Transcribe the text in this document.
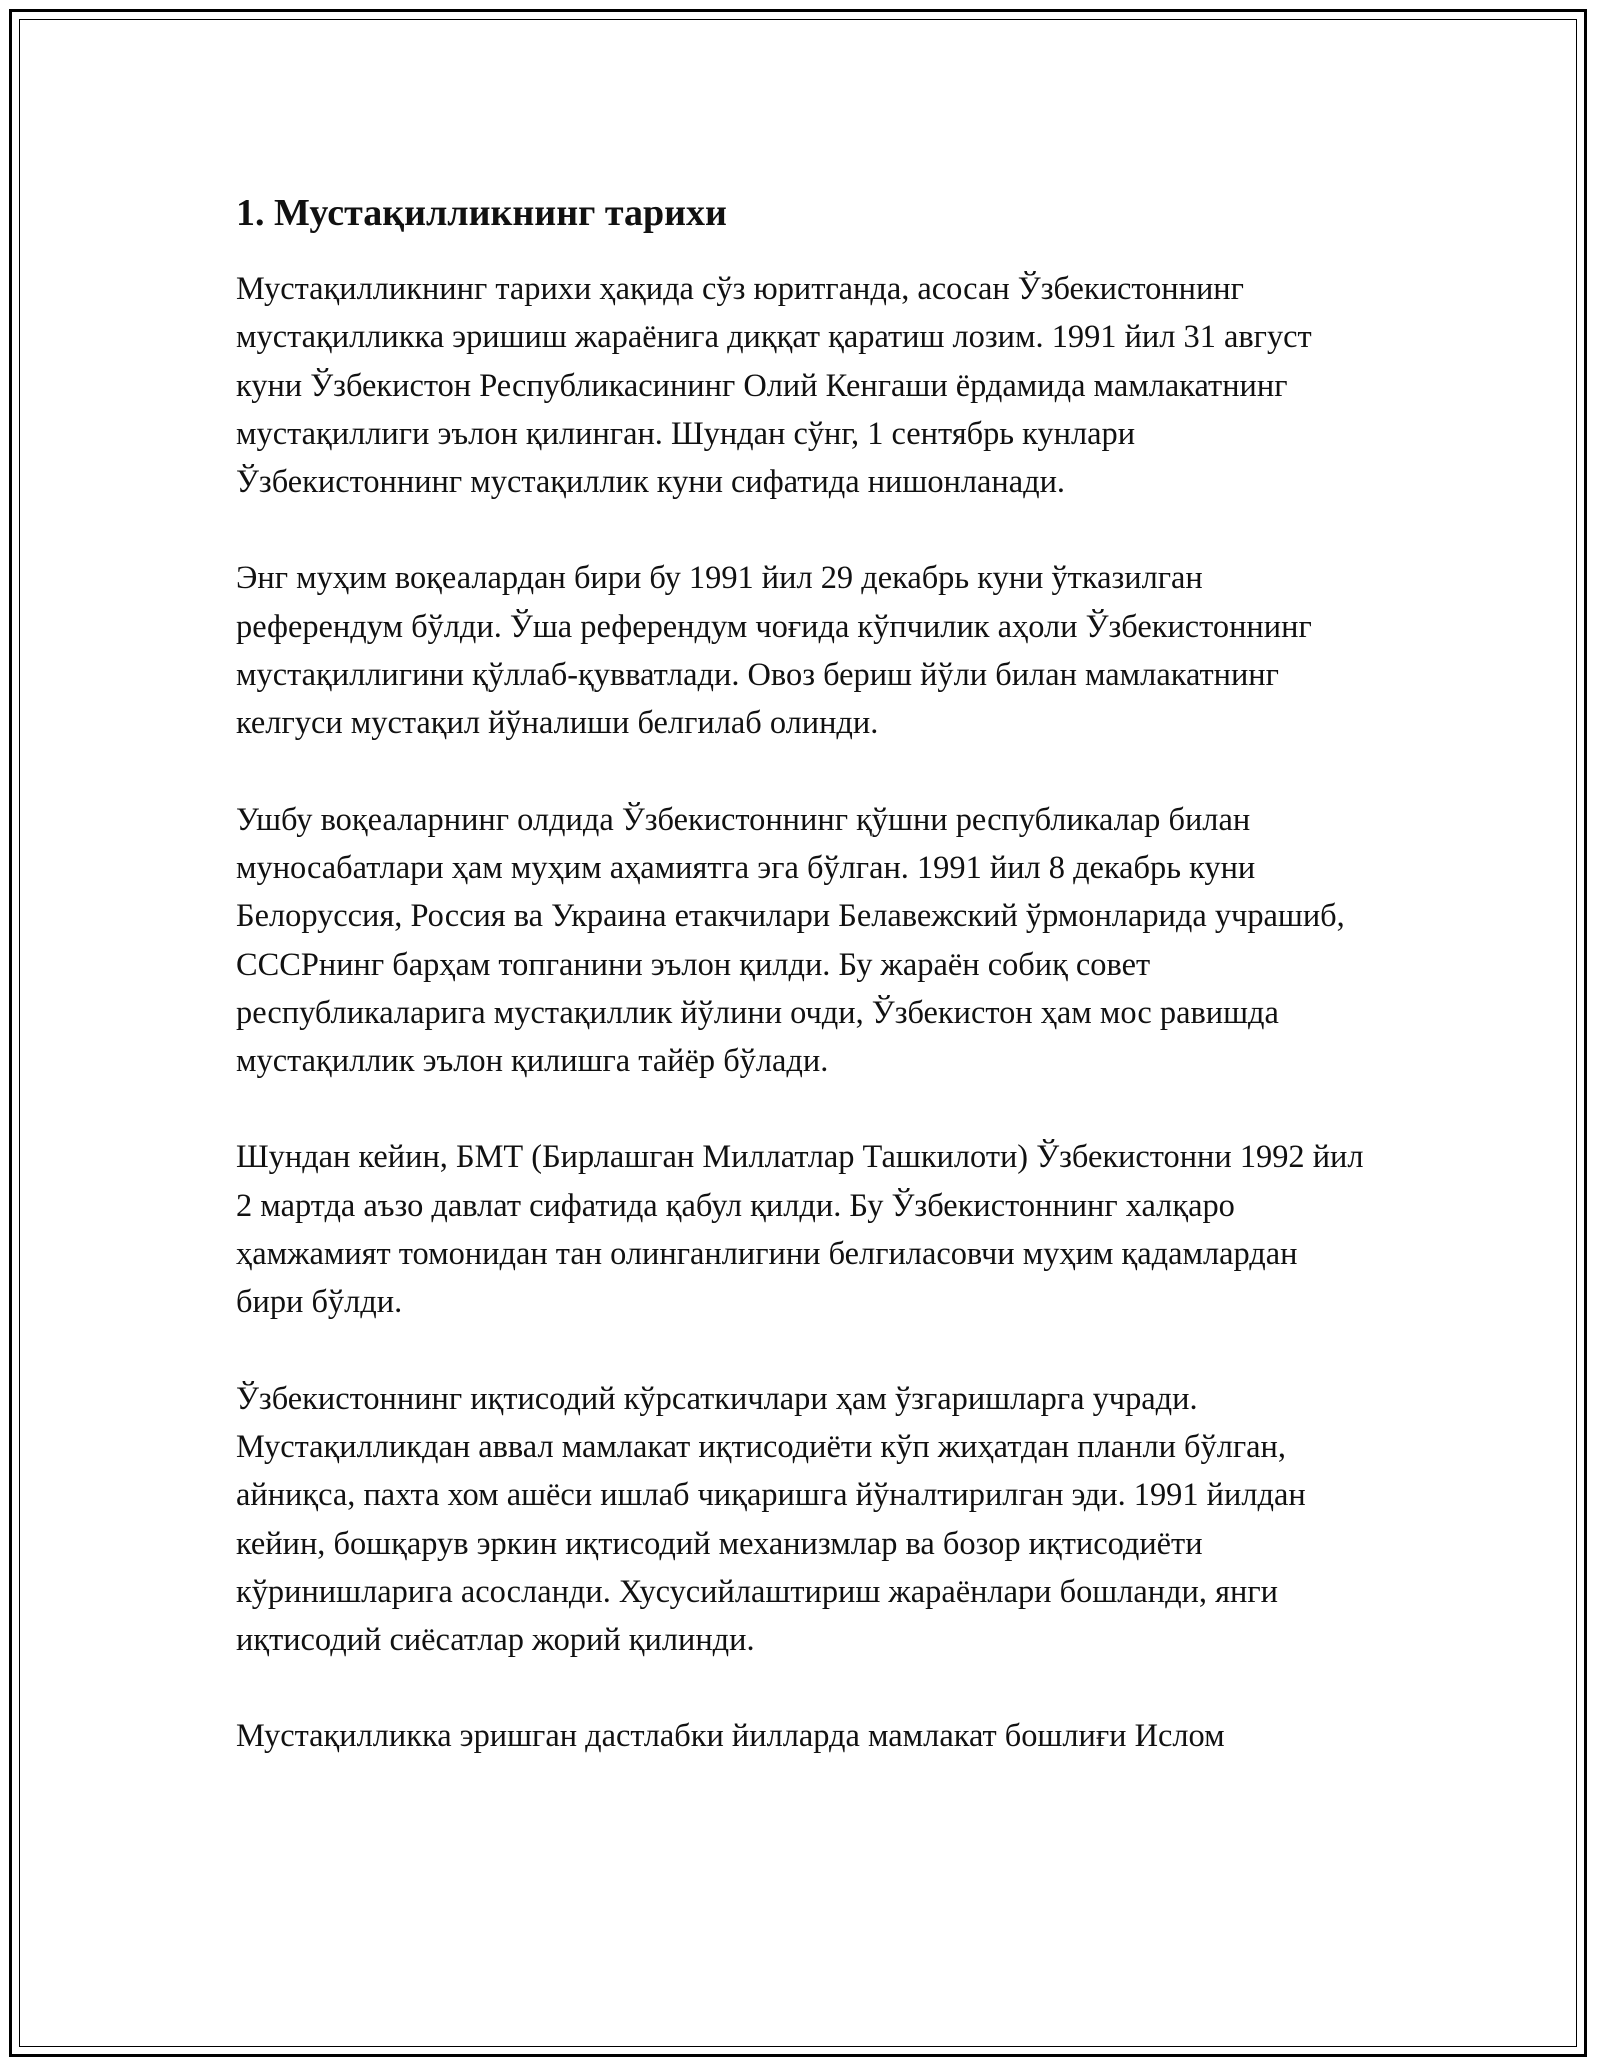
1. Мустақилликнинг тарихи

Мустақилликнинг тарихи ҳақида сўз юритганда, асосан Ўзбекистоннинг мустақилликка эришиш жараёнига диққат қаратиш лозим. 1991 йил 31 август куни Ўзбекистон Республикасининг Олий Кенгаши ёрдамида мамлакатнинг мустақиллиги эълон қилинган. Шундан сўнг, 1 сентябрь кунлари Ўзбекистоннинг мустақиллик куни сифатида нишонланади.

Энг муҳим воқеалардан бири бу 1991 йил 29 декабрь куни ўтказилган референдум бўлди. Ўша референдум чоғида кўпчилик аҳоли Ўзбекистоннинг мустақиллигини қўллаб-қувватлади. Овоз бериш йўли билан мамлакатнинг келгуси мустақил йўналиши белгилаб олинди.

Ушбу воқеаларнинг олдида Ўзбекистоннинг қўшни республикалар билан муносабатлари ҳам муҳим аҳамиятга эга бўлган. 1991 йил 8 декабрь куни Белоруссия, Россия ва Украина етакчилари Белавежский ўрмонларида учрашиб, СССРнинг барҳам топганини эълон қилди. Бу жараён собиқ совет республикаларига мустақиллик йўлини очди, Ўзбекистон ҳам мос равишда мустақиллик эълон қилишга тайёр бўлади.

Шундан кейин, БМТ (Бирлашган Миллатлар Ташкилоти) Ўзбекистонни 1992 йил 2 мартда аъзо давлат сифатида қабул қилди. Бу Ўзбекистоннинг халқаро ҳамжамият томонидан тан олинганлигини белгиласовчи муҳим қадамлардан бири бўлди.

Ўзбекистоннинг иқтисодий кўрсаткичлари ҳам ўзгаришларга учради. Мустақилликдан аввал мамлакат иқтисодиёти кўп жиҳатдан планли бўлган, айниқса, пахта хом ашёси ишлаб чиқаришга йўналтирилган эди. 1991 йилдан кейин, бошқарув эркин иқтисодий механизмлар ва бозор иқтисодиёти кўринишларига асосланди. Хусусийлаштириш жараёнлари бошланди, янги иқтисодий сиёсатлар жорий қилинди.

Мустақилликка эришган дастлабки йилларда мамлакат бошлиғи Ислом
